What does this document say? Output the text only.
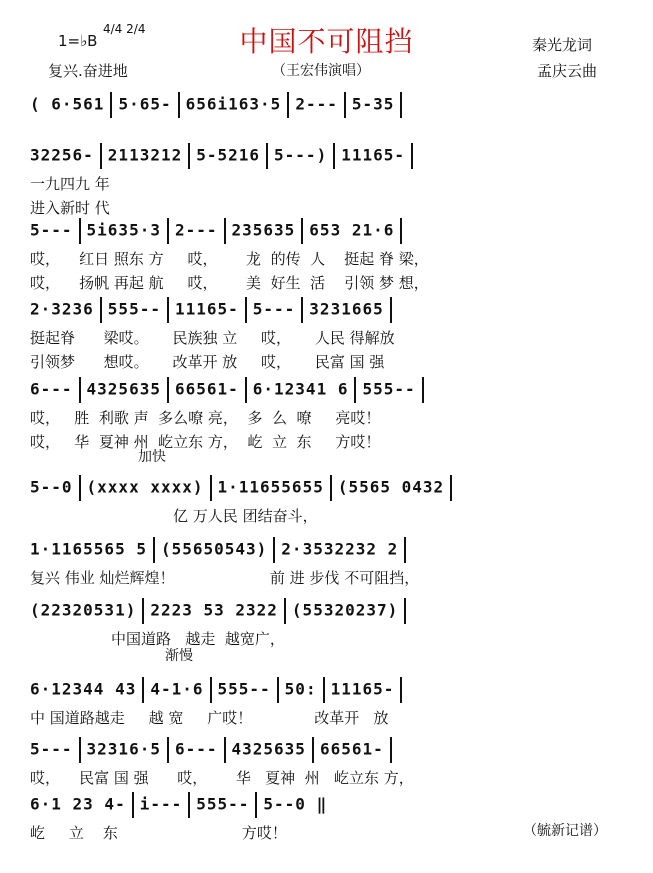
1=♭B
4/4 2/4	中国不可阻挡	秦光龙词
复兴.奋进地	（王宏伟演唱）	孟庆云曲
( 6·561 5·65- 656i163·5 2--- 5-35
32256- 2113212 5-5216 5---) 11165-
一九四九 年
进入新时 代
5--- 5i635·3 2--- 235635 653 21·6
哎，    红日 照东 方     哎，      龙  的传  人    挺起 脊 梁，
哎，    扬帆 再起 航     哎，      美  好生  活    引领 梦 想，
2·3236 555-- 11165- 5--- 3231665
挺起脊      梁哎。     民族独 立     哎，     人民 得解放
引领梦      想哎。     改革开 放     哎，     民富 国 强
6--- 4325635 66561- 6·12341 6 555--
哎，   胜  利歌 声  多么嘹 亮，  多  么  嘹     亮哎！
哎，   华  夏神 州  屹立东 方，  屹  立  东     方哎！
5--0 (xxxx xxxx) 1·11655655 (5565 0432
亿 万人民 团结奋斗，
1·1165565 5 (55650543) 2·3532232 2
复兴 伟业 灿烂辉煌！                    前 进 步伐 不可阻挡，
(22320531) 2223 53 2322 (55320237)
中国道路   越走  越宽广，
6·12344 43 4-1·6 555-- 50: 11165-
中 国道路越走     越 宽     广哎！             改革开   放
5--- 32316·5 6--- 4325635 66561-
哎，    民富 国 强      哎，      华   夏神  州   屹立东 方，
6·1 23 4- i--- 555-- 5--0 ‖
屹     立    东                          方哎！
加快
渐慢
（毓新记谱）
